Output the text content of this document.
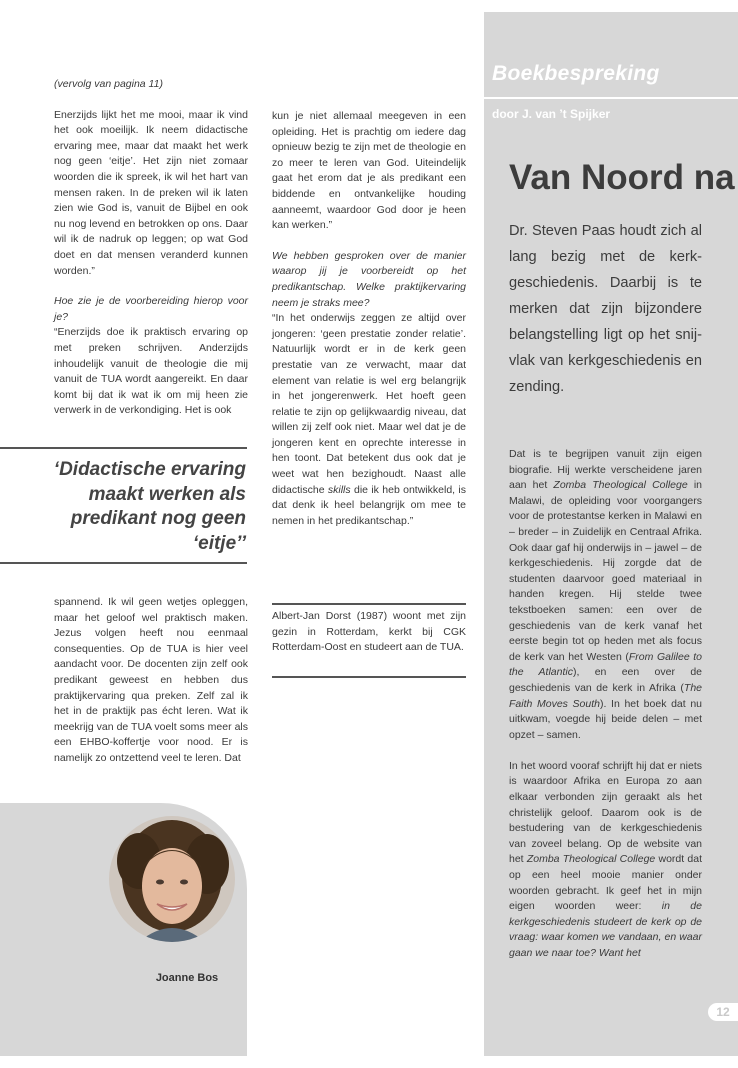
(vervolg van pagina 11)

Enerzijds lijkt het me mooi, maar ik vind het ook moeilijk. Ik neem didactische ervaring mee, maar dat maakt het werk nog geen ‘eitje’. Het zijn niet zomaar woorden die ik spreek, ik wil het hart van mensen raken. In de preken wil ik laten zien wie God is, vanuit de Bijbel en ook nu nog levend en betrokken op ons. Daar wil ik de nadruk op leggen; op wat God doet en dat mensen veranderd kunnen worden.”

Hoe zie je de voorbereiding hierop voor je?

“Enerzijds doe ik praktisch ervaring op met preken schrijven. Anderzijds inhoudelijk vanuit de theologie die mij vanuit de TUA wordt aangereikt. En daar komt bij dat ik wat ik om mij heen zie verwerk in de verkondiging. Het is ook

‘Didactische ervaring maakt werken als predikant nog geen ‘eitje’’

spannend. Ik wil geen wetjes opleggen, maar het geloof wel praktisch maken. Jezus volgen heeft nou eenmaal consequenties. Op de TUA is hier veel aandacht voor. De docenten zijn zelf ook predikant geweest en hebben dus praktijkervaring qua preken. Zelf zal ik het in de praktijk pas écht leren. Wat ik meekrijg van de TUA voelt soms meer als een EHBO-koffertje voor nood. Er is namelijk zo ontzettend veel te leren. Dat

kun je niet allemaal meegeven in een opleiding. Het is prachtig om iedere dag opnieuw bezig te zijn met de theologie en zo meer te leren van God. Uiteindelijk gaat het erom dat je als predikant een biddende en ontvankelijke houding aanneemt, waardoor God door je heen kan werken.”

We hebben gesproken over de manier waarop jij je voorbereidt op het predikantschap. Welke praktijkervaring neem je straks mee?

“In het onderwijs zeggen ze altijd over jongeren: ‘geen prestatie zonder relatie’. Natuurlijk wordt er in de kerk geen prestatie van ze verwacht, maar dat element van relatie is wel erg belangrijk in het jongerenwerk. Het hoeft geen relatie te zijn op gelijkwaardig niveau, dat willen zij zelf ook niet. Maar wel dat je de jongeren kent en oprechte interesse in hen toont. Dat betekent dus ook dat je weet wat hen bezighoudt. Naast alle didactische skills die ik heb ontwikkeld, is dat denk ik heel belangrijk om mee te nemen in het predikantschap.”

Albert-Jan Dorst (1987) woont met zijn gezin in Rotterdam, kerkt bij CGK Rotterdam-Oost en studeert aan de TUA.

Joanne Bos
Boekbespreking
door J. van ’t Spijker
Van Noord na

Dr. Steven Paas houdt zich al lang bezig met de kerk-geschiedenis. Daarbij is te merken dat zijn bijzondere belangstelling ligt op het snij-vlak van kerkgeschiedenis en zending.

Dat is te begrijpen vanuit zijn eigen biografie. Hij werkte verscheidene jaren aan het Zomba Theological College in Malawi, de opleiding voor voorgangers voor de protestantse kerken in Malawi en – breder – in Zuidelijk en Centraal Afrika. Ook daar gaf hij onderwijs in – jawel – de kerkgeschiedenis. Hij zorgde dat de studenten daarvoor goed materiaal in handen kregen. Hij stelde twee tekstboeken samen: een over de geschiedenis van de kerk vanaf het eerste begin tot op heden met als focus de kerk van het Westen (From Galilee to the Atlantic), en een over de geschiedenis van de kerk in Afrika (The Faith Moves South). In het boek dat nu uitkwam, voegde hij beide delen – met opzet – samen.

In het woord vooraf schrijft hij dat er niets is waardoor Afrika en Europa zo aan elkaar verbonden zijn geraakt als het christelijk geloof. Daarom ook is de bestudering van de kerkgeschiedenis van zoveel belang. Op de website van het Zomba Theological College wordt dat op een heel mooie manier onder woorden gebracht. Ik geef het in mijn eigen woorden weer: in de kerkgeschiedenis studeert de kerk op de vraag: waar komen we vandaan, en waar gaan we naar toe? Want het

12
